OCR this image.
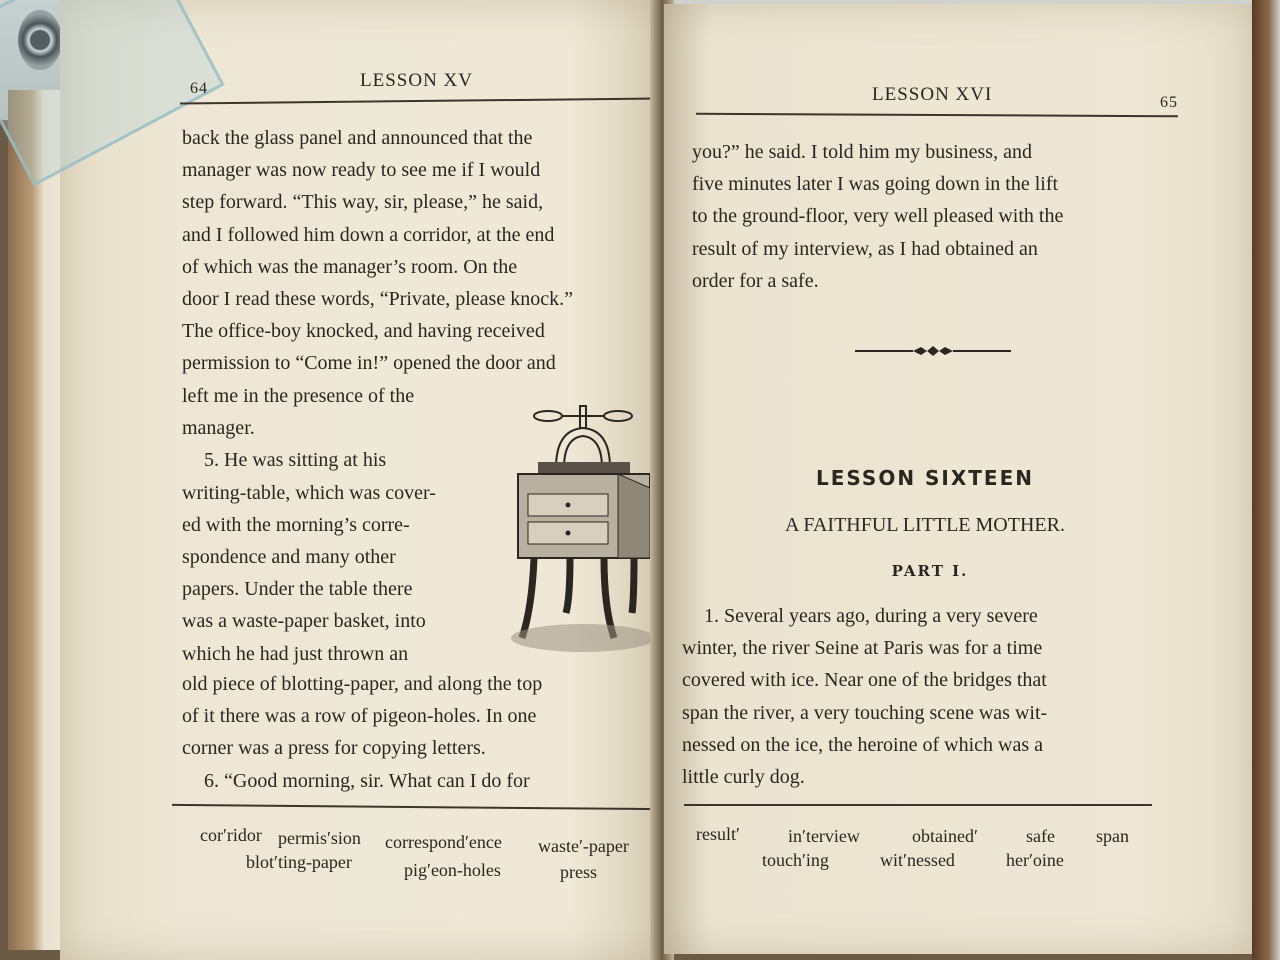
64	LESSON XV

back the glass panel and announced that the

manager was now ready to see me if I would

step forward. “This way, sir, please,” he said,

and I followed him down a corridor, at the end

of which was the manager’s room. On the

door I read these words, “Private, please knock.”

The office-boy knocked, and having received

permission to “Come in!” opened the door and

left me in the presence of the

manager.

5. He was sitting at his

writing-table, which was cover-

ed with the morning’s corre-

spondence and many other

papers. Under the table there

was a waste-paper basket, into

which he had just thrown an

old piece of blotting-paper, and along the top

of it there was a row of pigeon-holes. In one

corner was a press for copying letters.

6. “Good morning, sir. What can I do for

cor′ridor permis′sion correspond′ence waste′-paper
blot′ting-paper	pig′eon-holes	press
LESSON XVI	65

you?” he said. I told him my business, and

five minutes later I was going down in the lift

to the ground-floor, very well pleased with the

result of my interview, as I had obtained an

order for a safe.

LESSON SIXTEEN
A FAITHFUL LITTLE MOTHER.
PART I.

1. Several years ago, during a very severe

winter, the river Seine at Paris was for a time

covered with ice. Near one of the bridges that

span the river, a very touching scene was wit-

nessed on the ice, the heroine of which was a

little curly dog.

result′	in′terview	obtained′	safe span
touch′ing	wit′nessed	her′oine
